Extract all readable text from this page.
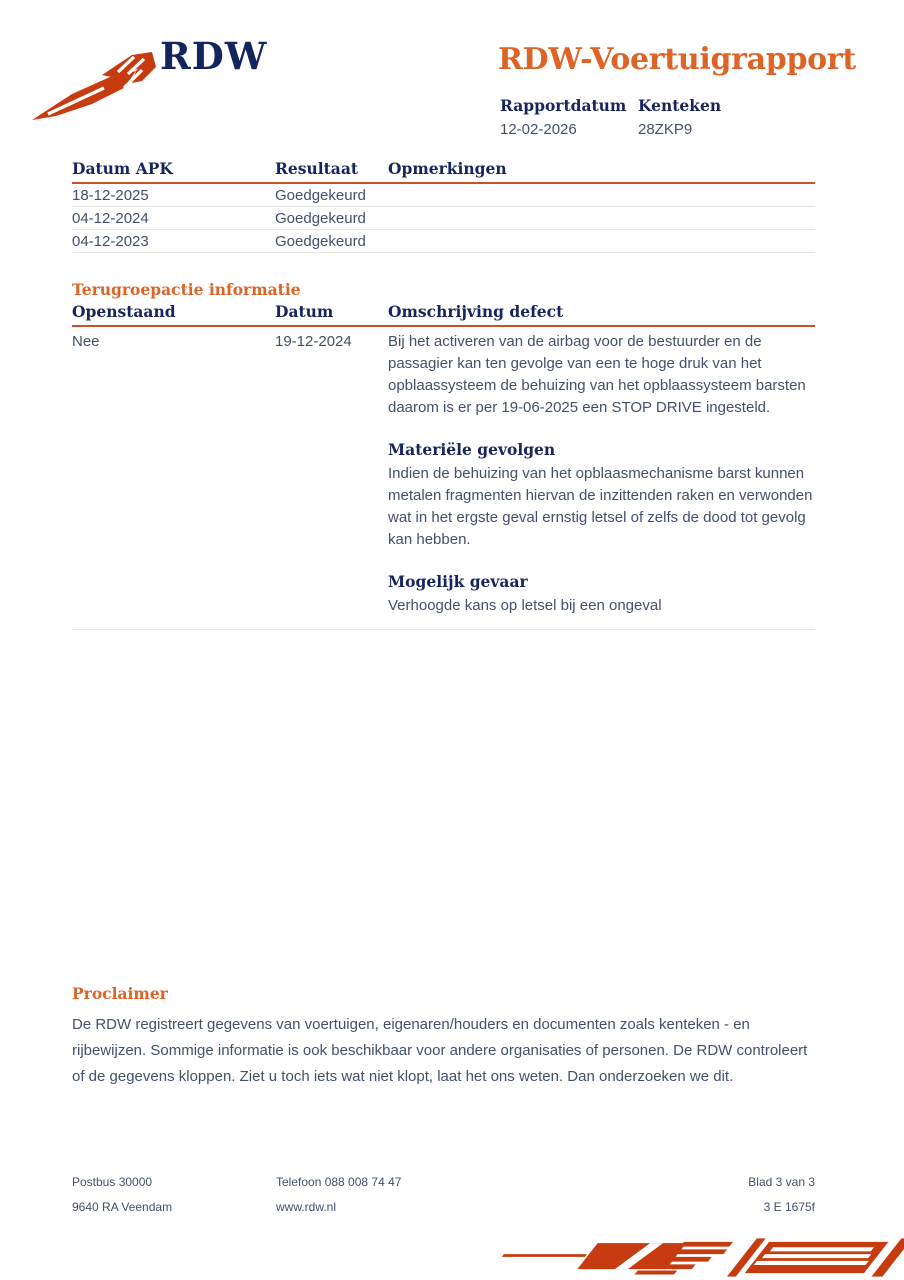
RDW	RDW-Voertuigrapport
Rapportdatum
12-02-2026
Kenteken
28ZKP9
Datum APK	Resultaat	Opmerkingen
18-12-2025	Goedgekeurd
04-12-2024	Goedgekeurd
04-12-2023	Goedgekeurd
Terugroepactie informatie
Openstaand	Datum	Omschrijving defect
Nee	19-12-2024	Bij het activeren van de airbag voor de bestuurder en de passagier kan ten gevolge van een te hoge druk van het opblaassysteem de behuizing van het opblaassysteem barsten daarom is er per 19-06-2025 een STOP DRIVE ingesteld.

Materiële gevolgen

Indien de behuizing van het opblaasmechanisme barst kunnen metalen fragmenten hiervan de inzittenden raken en verwonden wat in het ergste geval ernstig letsel of zelfs de dood tot gevolg kan hebben.

Mogelijk gevaar

Verhoogde kans op letsel bij een ongeval

Proclaimer

De RDW registreert gegevens van voertuigen, eigenaren/houders en documenten zoals kenteken - en rijbewijzen. Sommige informatie is ook beschikbaar voor andere organisaties of personen. De RDW controleert of de gegevens kloppen. Ziet u toch iets wat niet klopt, laat het ons weten. Dan onderzoeken we dit.

Postbus 30000
9640 RA Veendam
Telefoon 088 008 74 47
www.rdw.nl
Blad 3 van 3
3 E 1675f
